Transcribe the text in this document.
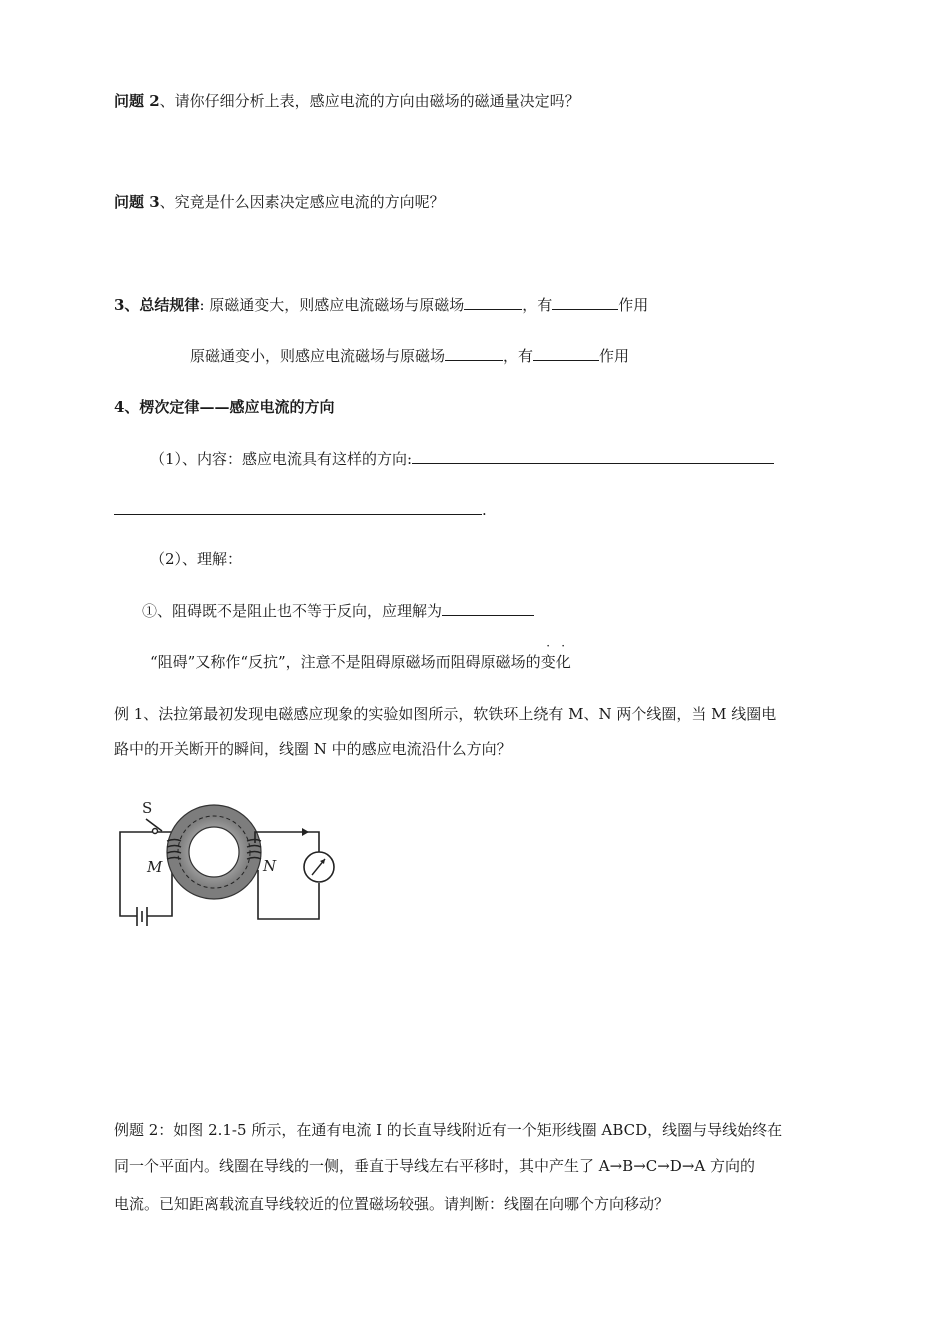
问题 2、请你仔细分析上表，感应电流的方向由磁场的磁通量决定吗？
问题 3、究竟是什么因素决定感应电流的方向呢？
3、总结规律: 原磁通变大，则感应电流磁场与原磁场	，有	作用
原磁通变小，则感应电流磁场与原磁场	，有	作用
4、楞次定律——感应电流的方向
（1）、内容：感应电流具有这样的方向:
.
（2）、理解：
①、阻碍既不是阻止也不等于反向，应理解为
“阻碍”又称作“反抗”，注意不是阻碍原磁场而阻碍原磁场的
·
变
·
化
例 1、法拉第最初发现电磁感应现象的实验如图所示，软铁环上绕有 M、N 两个线圈，当 M 线圈电
路中的开关断开的瞬间，线圈 N 中的感应电流沿什么方向？
S
M	N
例题 2：如图 2.1-5 所示，在通有电流 I 的长直导线附近有一个矩形线圈 ABCD，线圈与导线始终在
同一个平面内。线圈在导线的一侧，垂直于导线左右平移时，其中产生了 A→B→C→D→A 方向的
电流。已知距离载流直导线较近的位置磁场较强。请判断：线圈在向哪个方向移动？
